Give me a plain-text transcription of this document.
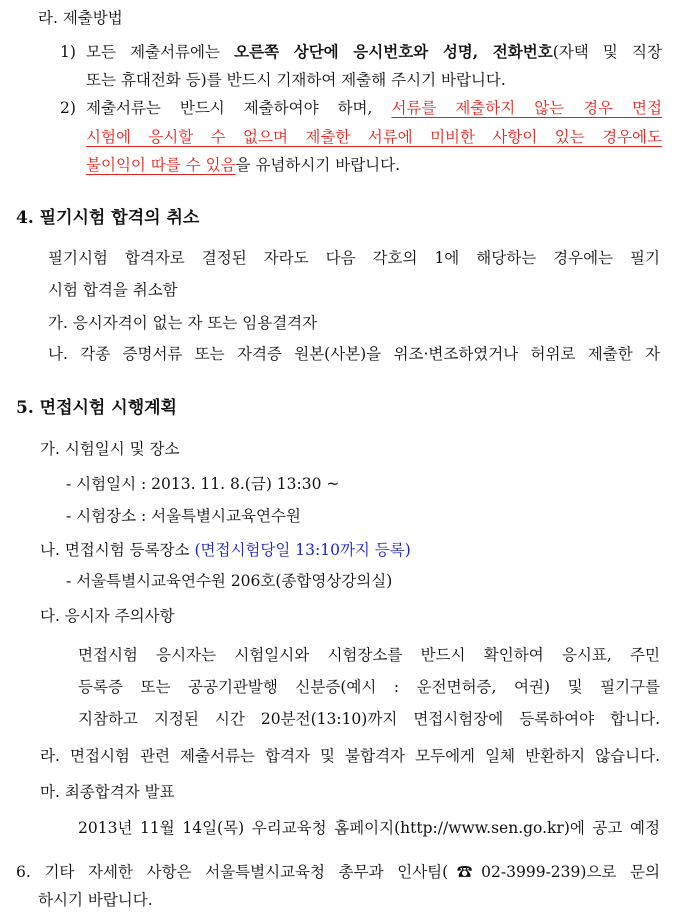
라. 제출방법
1) 모든 제출서류에는 오른쪽 상단에 응시번호와 성명, 전화번호(자택 및 직장
또는 휴대전화 등)를 반드시 기재하여 제출해 주시기 바랍니다.
2) 제출서류는 반드시 제출하여야 하며, 서류를 제출하지 않는 경우 면접
시험에 응시할 수 없으며 제출한 서류에 미비한 사항이 있는 경우에도
불이익이 따를 수 있음을 유념하시기 바랍니다.
4. 필기시험 합격의 취소
필기시험 합격자로 결정된 자라도 다음 각호의 1에 해당하는 경우에는 필기
시험 합격을 취소함
가. 응시자격이 없는 자 또는 임용결격자
나. 각종 증명서류 또는 자격증 원본(사본)을 위조·변조하였거나 허위로 제출한 자
5. 면접시험 시행계획
가. 시험일시 및 장소
- 시험일시 : 2013. 11. 8.(금) 13:30 ~
- 시험장소 : 서울특별시교육연수원
나. 면접시험 등록장소 (면접시험당일 13:10까지 등록)
- 서울특별시교육연수원 206호(종합영상강의실)
다. 응시자 주의사항
면접시험 응시자는 시험일시와 시험장소를 반드시 확인하여 응시표, 주민
등록증 또는 공공기관발행 신분증(예시 : 운전면허증, 여권) 및 필기구를
지참하고 지정된 시간 20분전(13:10)까지 면접시험장에 등록하여야 합니다.
라. 면접시험 관련 제출서류는 합격자 및 불합격자 모두에게 일체 반환하지 않습니다.
마. 최종합격자 발표
2013년 11월 14일(목) 우리교육청 홈페이지(http://www.sen.go.kr)에 공고 예정
6. 기타 자세한 사항은 서울특별시교육청 총무과 인사팀(☎02-3999-239)으로 문의
하시기 바랍니다.
